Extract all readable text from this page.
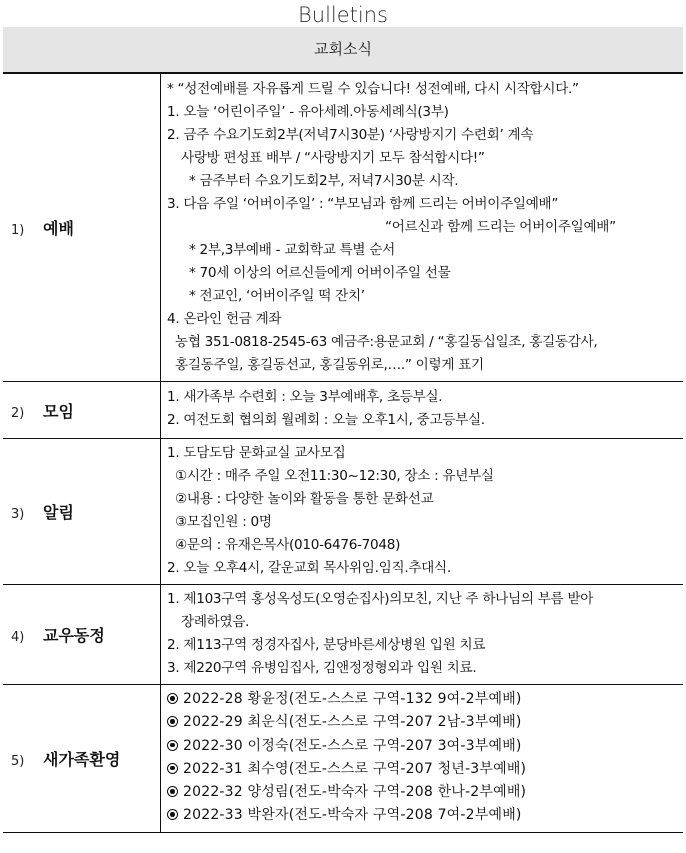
Bulletins
교회소식
1) 예배	
* “성전예배를 자유롭게 드릴 수 있습니다! 성전예배, 다시 시작합시다.”
1. 오늘 ‘어린이주일’ - 유아세례.아동세례식(3부)
2. 금주 수요기도회2부(저녁7시30분) ‘사랑방지기 수련회’ 계속
사랑방 편성표 배부 / “사랑방지기 모두 참석합시다!”
* 금주부터 수요기도회2부, 저녁7시30분 시작.
3. 다음 주일 ‘어버이주일’ : “부모님과 함께 드리는 어버이주일예배”
“어르신과 함께 드리는 어버이주일예배”
* 2부,3부예배 - 교회학교 특별 순서
* 70세 이상의 어르신들에게 어버이주일 선물
* 전교인, ‘어버이주일 떡 잔치’
4. 온라인 헌금 계좌
농협 351-0818-2545-63 예금주:용문교회 / “홍길동십일조, 홍길동감사,
홍길동주일, 홍길동선교, 홍길동위로,….” 이렇게 표기

2) 모임	1. 새가족부 수련회 : 오늘 3부예배후, 초등부실.
2. 여전도회 협의회 월례회 : 오늘 오후1시, 중고등부실.

3) 알림	
1. 도담도담 문화교실 교사모집
①시간 : 매주 주일 오전11:30~12:30, 장소 : 유년부실
②내용 : 다양한 놀이와 활동을 통한 문화선교
③모집인원 : 0명
④문의 : 유재은목사(010-6476-7048)
2. 오늘 오후4시, 갈운교회 목사위임.임직.추대식.

4) 교우동정	1. 제103구역 홍성옥성도(오영순집사)의모친, 지난 주 하나님의 부름 받아
장례하였음.
2. 제113구역 정경자집사, 분당바른세상병원 입원 치료
3. 제220구역 유병임집사, 김앤정정형외과 입원 치료.

5) 새가족환영	
2022-28 황윤정(전도-스스로 구역-132 9여-2부예배)
2022-29 최운식(전도-스스로 구역-207 2남-3부예배)
2022-30 이정숙(전도-스스로 구역-207 3여-3부예배)
2022-31 최수영(전도-스스로 구역-207 청년-3부예배)
2022-32 양성림(전도-박숙자 구역-208 한나-2부예배)
2022-33 박완자(전도-박숙자 구역-208 7여-2부예배)
